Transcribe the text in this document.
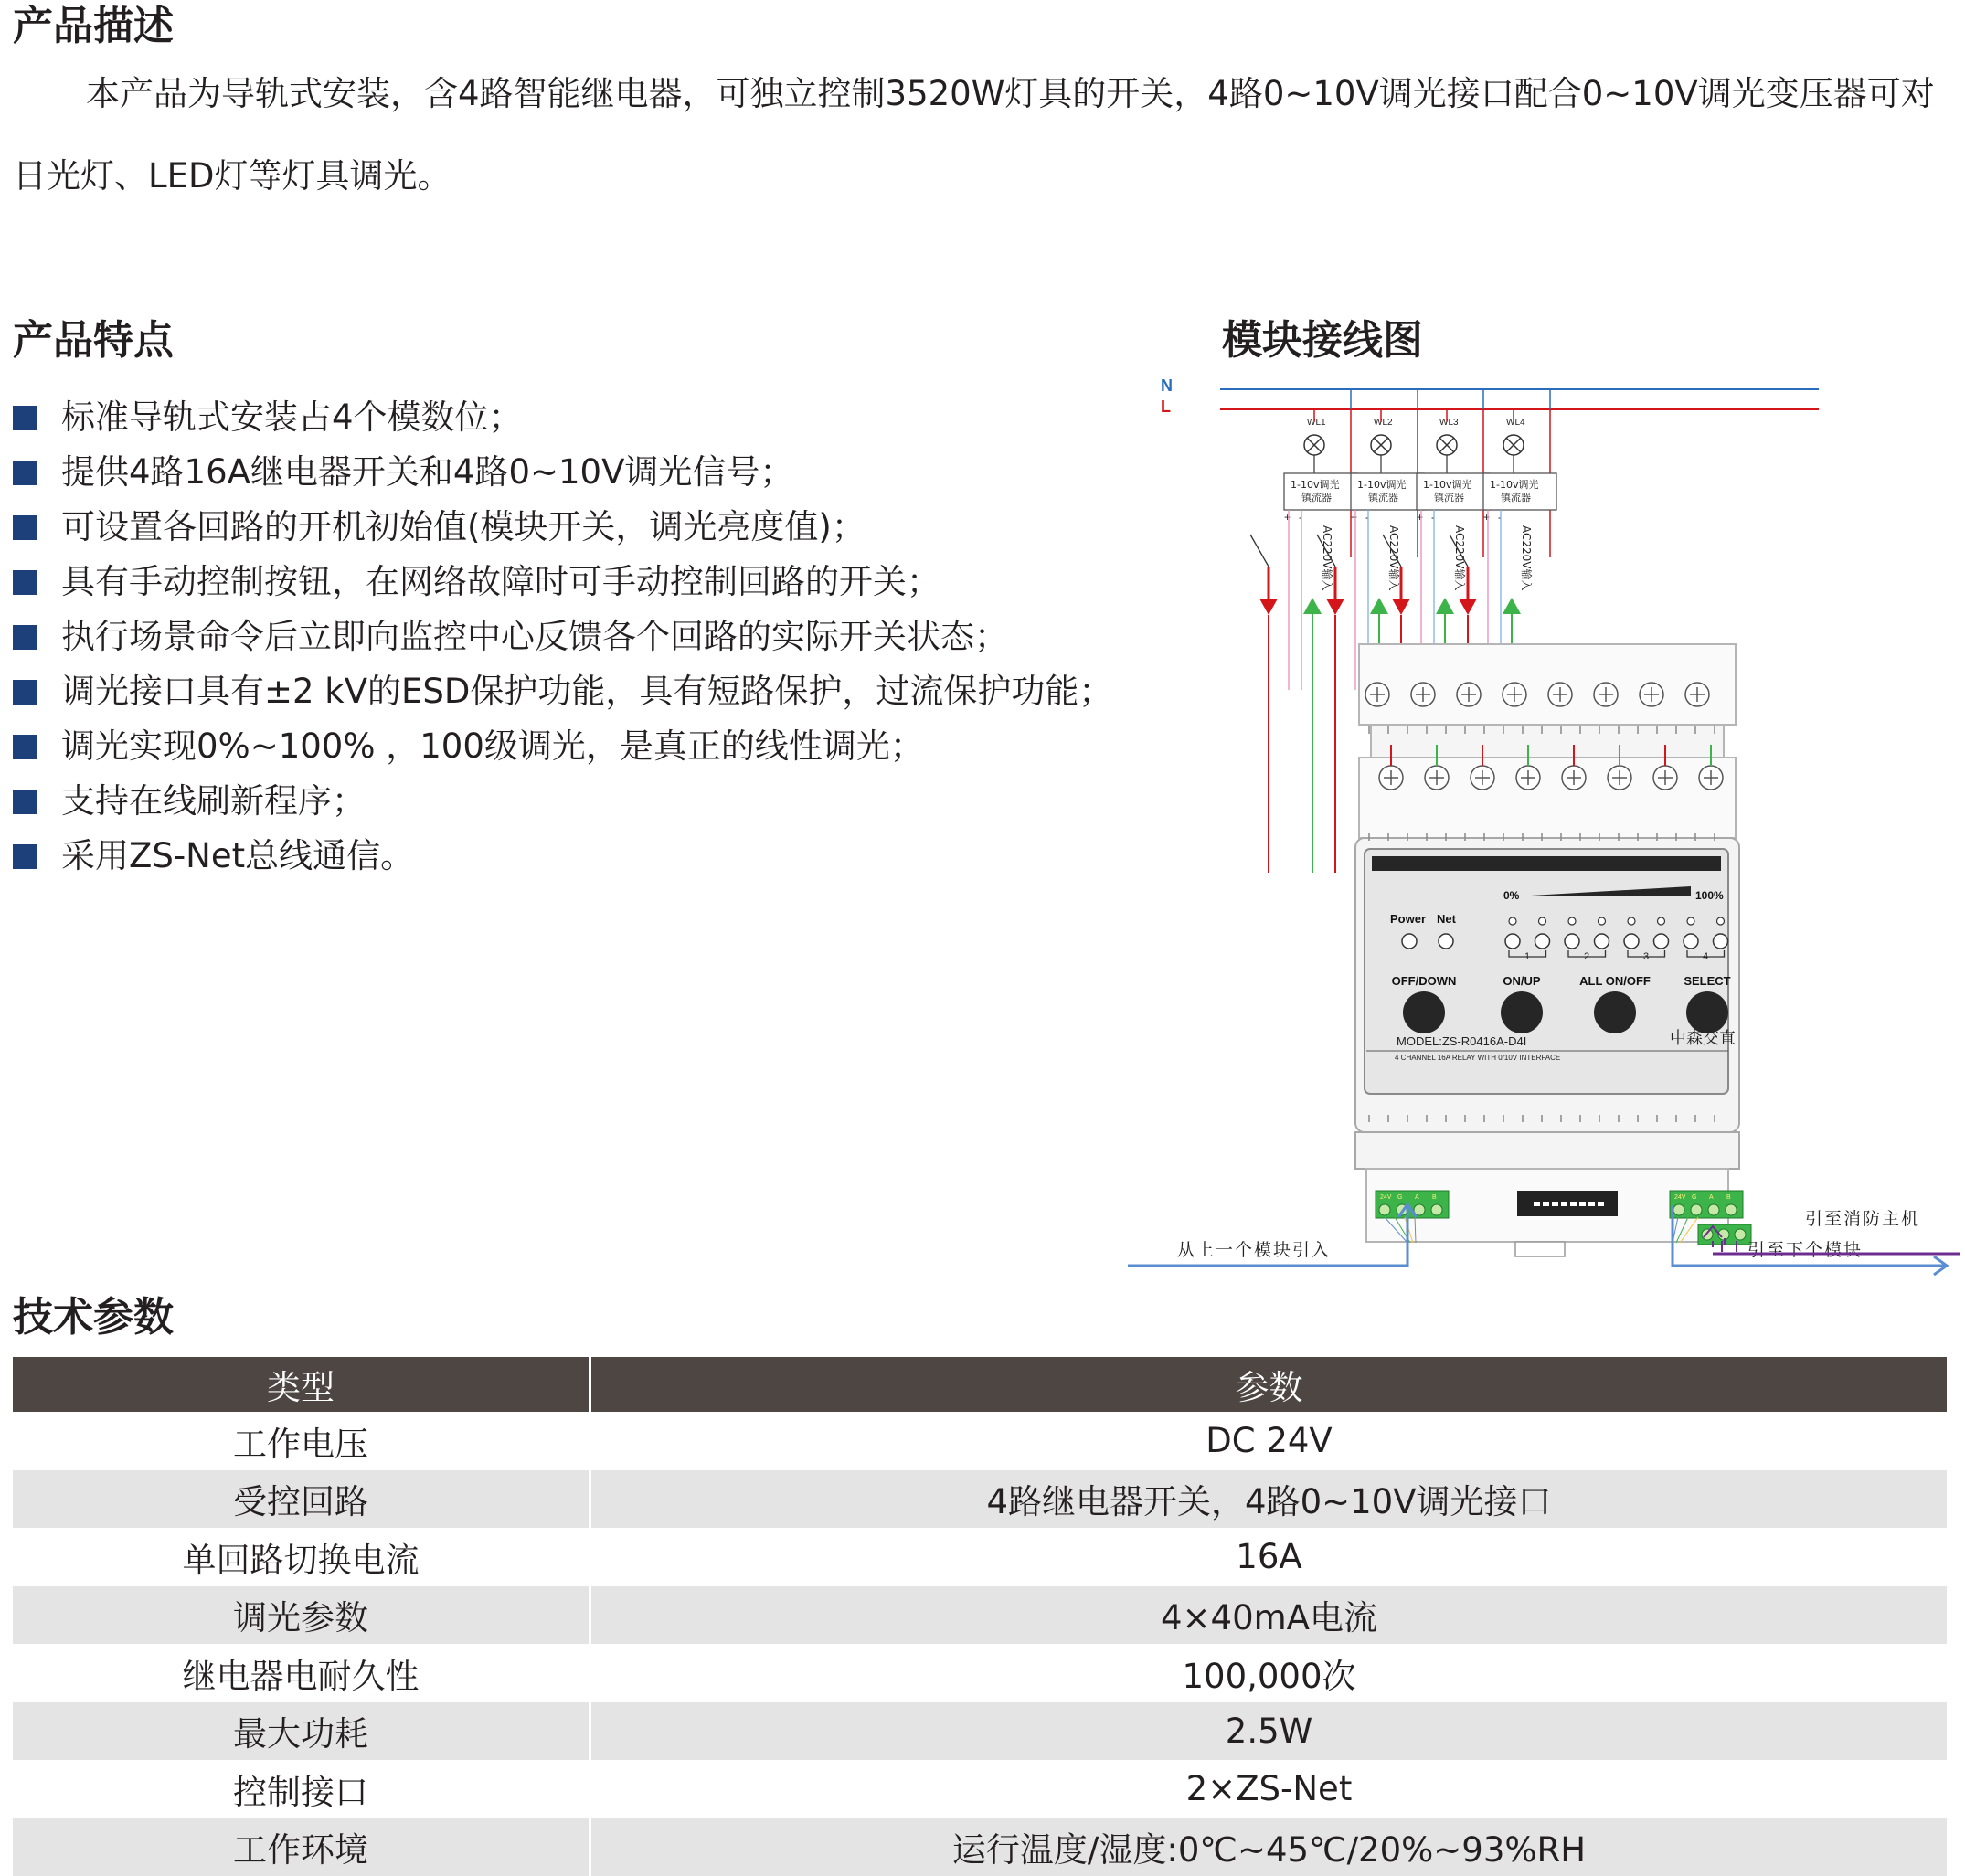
产品描述
本产品为导轨式安装，含4路智能继电器，可独立控制3520W灯具的开关，4路0~10V调光接口配合0~10V调光变压器可对日光灯、LED灯等灯具调光。
产品特点
标准导轨式安装占4个模数位；
提供4路16A继电器开关和4路0~10V调光信号；
可设置各回路的开机初始值(模块开关，调光亮度值)；
具有手动控制按钮，在网络故障时可手动控制回路的开关；
执行场景命令后立即向监控中心反馈各个回路的实际开关状态；
调光接口具有±2 kV的ESD保护功能，具有短路保护，过流保护功能；
调光实现0%~100% ，100级调光，是真正的线性调光；
支持在线刷新程序；
采用ZS-Net总线通信。
模块接线图
N
L
WL1
1-10v调光
镇流器
+ -
AC220V输入
WL2
1-10v调光
镇流器
+ -
AC220V输入
WL3
1-10v调光
镇流器
+ -
AC220V输入
WL4
1-10v调光
镇流器
+ -
AC220V输入
0%	100%
Power Net
1	2	3	4
OFF/DOWN	ON/UP	ALL ON/OFF	SELECT
MODEL:ZS-R0416A-D4I	中森交直
4 CHANNEL 16A RELAY WITH 0/10V INTERFACE
24V G A B	24V G A B
从上一个模块引入	引至下个模块
引至消防主机
技术参数
类型	参数
工作电压	DC 24V
受控回路	4路继电器开关，4路0~10V调光接口
单回路切换电流	16A
调光参数	4×40mA电流
继电器电耐久性	100,000次
最大功耗	2.5W
控制接口	2×ZS-Net
工作环境	运行温度/湿度:0℃~45℃/20%~93%RH
